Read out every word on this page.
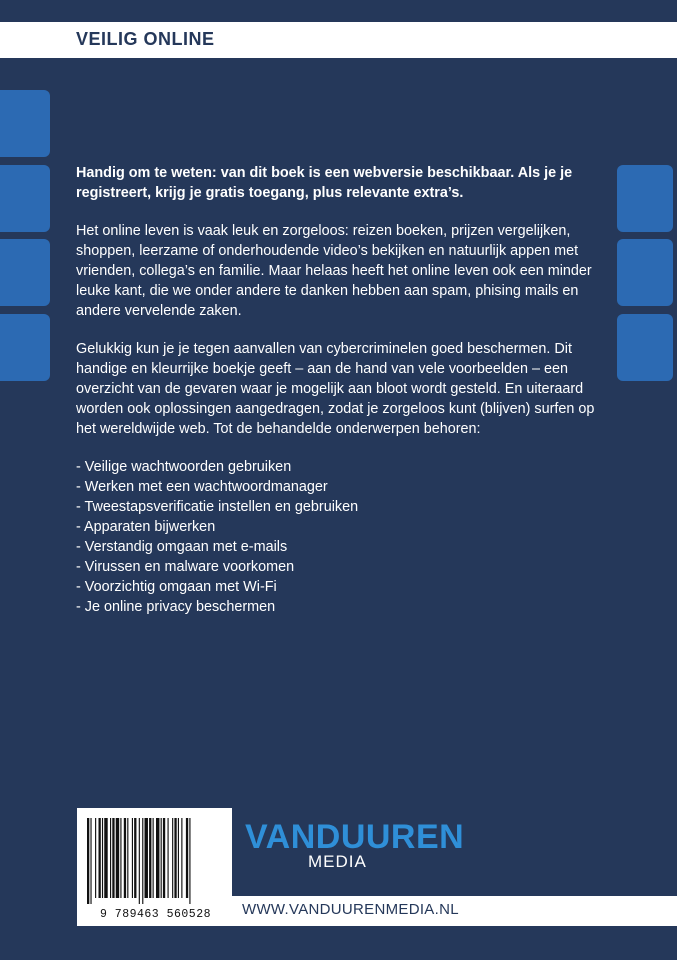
VEILIG ONLINE

Handig om te weten: van dit boek is een webversie beschikbaar. Als je je registreert, krijg je gratis toegang, plus relevante extra’s.

Het online leven is vaak leuk en zorgeloos: reizen boeken, prijzen vergelijken, shoppen, leerzame of onderhoudende video’s bekijken en natuurlijk appen met vrienden, collega’s en familie. Maar helaas heeft het online leven ook een minder leuke kant, die we onder andere te danken hebben aan spam, phising mails en andere vervelende zaken.

Gelukkig kun je je tegen aanvallen van cybercriminelen goed beschermen. Dit handige en kleurrijke boekje geeft – aan de hand van vele voorbeelden – een overzicht van de gevaren waar je mogelijk aan bloot wordt gesteld. En uiteraard worden ook oplossingen aangedragen, zodat je zorgeloos kunt (blijven) surfen op het wereldwijde web. Tot de behandelde onderwerpen behoren:

- Veilige wachtwoorden gebruiken
- Werken met een wachtwoordmanager
- Tweestapsverificatie instellen en gebruiken
- Apparaten bijwerken
- Verstandig omgaan met e-mails
- Virussen en malware voorkomen
- Voorzichtig omgaan met Wi-Fi
- Je online privacy beschermen
9 789463 560528
VANDUUREN
MEDIA
WWW.VANDUURENMEDIA.NL
